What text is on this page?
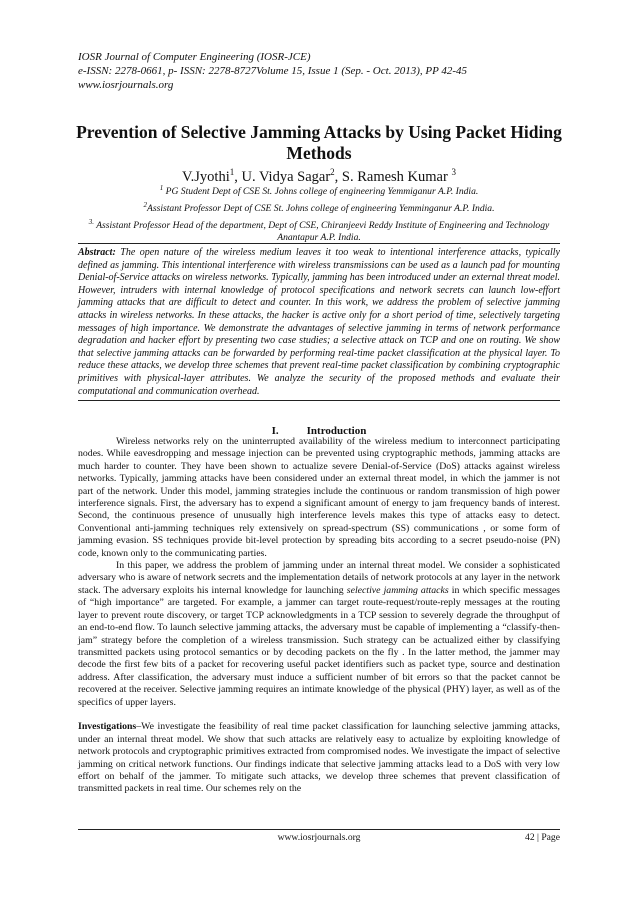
IOSR Journal of Computer Engineering (IOSR-JCE)
e-ISSN: 2278-0661, p- ISSN: 2278-8727Volume 15, Issue 1 (Sep. - Oct. 2013), PP 42-45
www.iosrjournals.org
Prevention of Selective Jamming Attacks by Using Packet Hiding Methods
V.Jyothi$^1$, U. Vidya Sagar$^2$, S. Ramesh Kumar $^3$
$^1$ PG Student Dept of CSE St. Johns college of engineering Yemmiganur A.P. India.
$^2$Assistant Professor Dept of CSE St. Johns college of engineering Yemminganur A.P. India.
$^{3.}$ Assistant Professor Head of the department, Dept of CSE, Chiranjeevi Reddy Institute of Engineering and Technology Anantapur A.P. India.
Abstract: The open nature of the wireless medium leaves it too weak to intentional interference attacks, typically defined as jamming. This intentional interference with wireless transmissions can be used as a launch pad for mounting Denial-of-Service attacks on wireless networks. Typically, jamming has been introduced under an external threat model. However, intruders with internal knowledge of protocol specifications and network secrets can launch low-effort jamming attacks that are difficult to detect and counter. In this work, we address the problem of selective jamming attacks in wireless networks. In these attacks, the hacker is active only for a short period of time, selectively targeting messages of high importance. We demonstrate the advantages of selective jamming in terms of network performance degradation and hacker effort by presenting two case studies; a selective attack on TCP and one on routing. We show that selective jamming attacks can be forwarded by performing real-time packet classification at the physical layer. To reduce these attacks, we develop three schemes that prevent real-time packet classification by combining cryptographic primitives with physical-layer attributes. We analyze the security of the proposed methods and evaluate their computational and communication overhead.
I.	Introduction

Wireless networks rely on the uninterrupted availability of the wireless medium to interconnect participating nodes. While eavesdropping and message injection can be prevented using cryptographic methods, jamming attacks are much harder to counter. They have been shown to actualize severe Denial-of-Service (DoS) attacks against wireless networks. Typically, jamming attacks have been considered under an external threat model, in which the jammer is not part of the network. Under this model, jamming strategies include the continuous or random transmission of high power interference signals. First, the adversary has to expend a significant amount of energy to jam frequency bands of interest. Second, the continuous presence of unusually high interference levels makes this type of attacks easy to detect. Conventional anti-jamming techniques rely extensively on spread-spectrum (SS) communications , or some form of jamming evasion. SS techniques provide bit-level protection by spreading bits according to a secret pseudo-noise (PN) code, known only to the communicating parties.

In this paper, we address the problem of jamming under an internal threat model. We consider a sophisticated adversary who is aware of network secrets and the implementation details of network protocols at any layer in the network stack. The adversary exploits his internal knowledge for launching selective jamming attacks in which specific messages of “high importance” are targeted. For example, a jammer can target route-request/route-reply messages at the routing layer to prevent route discovery, or target TCP acknowledgments in a TCP session to severely degrade the throughput of an end-to-end flow. To launch selective jamming attacks, the adversary must be capable of implementing a “classify-then-jam” strategy before the completion of a wireless transmission. Such strategy can be actualized either by classifying transmitted packets using protocol semantics or by decoding packets on the fly . In the latter method, the jammer may decode the first few bits of a packet for recovering useful packet identifiers such as packet type, source and destination address. After classification, the adversary must induce a sufficient number of bit errors so that the packet cannot be recovered at the receiver. Selective jamming requires an intimate knowledge of the physical (PHY) layer, as well as of the specifics of upper layers.

Investigations–We investigate the feasibility of real time packet classification for launching selective jamming attacks, under an internal threat model. We show that such attacks are relatively easy to actualize by exploiting knowledge of network protocols and cryptographic primitives extracted from compromised nodes. We investigate the impact of selective jamming on critical network functions. Our findings indicate that selective jamming attacks lead to a DoS with very low effort on behalf of the jammer. To mitigate such attacks, we develop three schemes that prevent classification of transmitted packets in real time. Our schemes rely on the

www.iosrjournals.org	42 | Page
